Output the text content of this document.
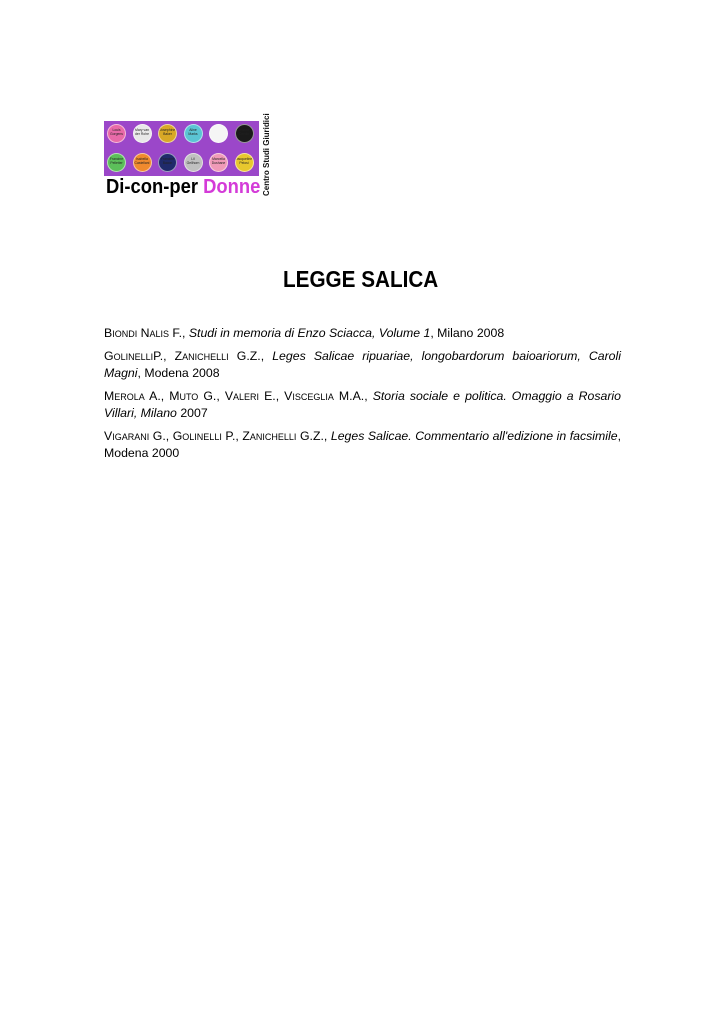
Louis Gorgens
Mary van der Rohe
Josephine Baker
Aline Marks
Jeanne Deroin
Francine Pelletier
Isabella Castellani
Francine Bacon
Lil Gellhorn
Marcella Dushane
Jacqueline Pelosi
Di-con-per Donne Centro Studi Giuridici
LEGGE SALICA
Biondi Nalis F., Studi in memoria di Enzo Sciacca, Volume 1, Milano 2008
GolinelliP., Zanichelli G.Z., Leges Salicae ripuariae, longobardorum baioariorum, Caroli Magni, Modena 2008
Merola A., Muto G., Valeri E., Visceglia M.A., Storia sociale e politica. Omaggio a Rosario Villari, Milano 2007
Vigarani G., Golinelli P., Zanichelli G.Z., Leges Salicae. Commentario all'edizione in facsimile, Modena 2000
